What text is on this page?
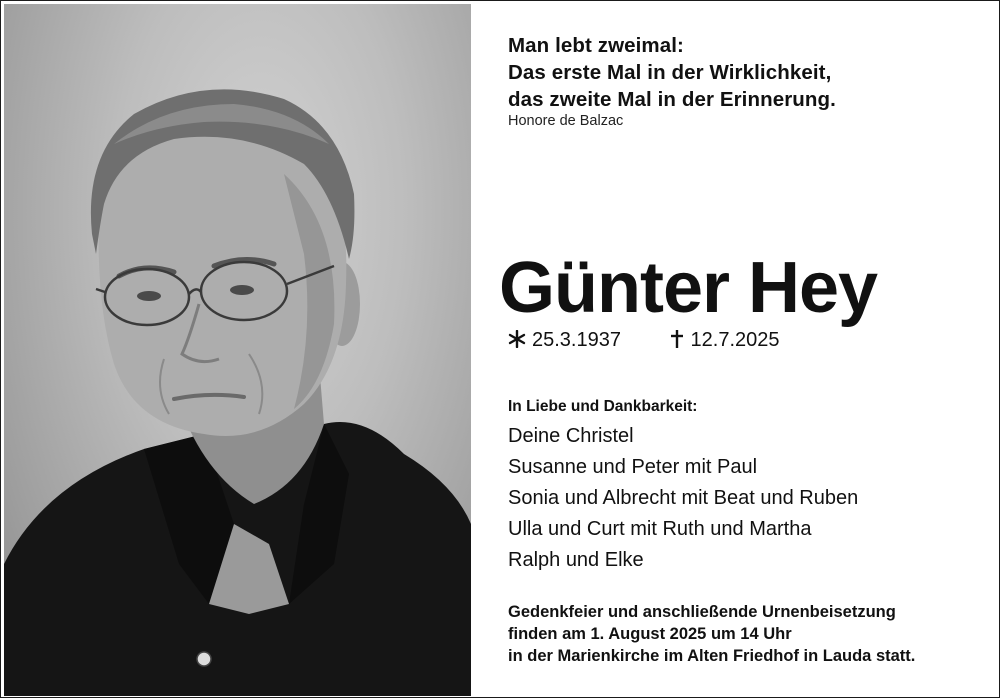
Man lebt zweimal:
Das erste Mal in der Wirklichkeit,
das zweite Mal in der Erinnerung.
Honore de Balzac
Günter Hey
25.3.1937	12.7.2025
In Liebe und Dankbarkeit:
Deine Christel
Susanne und Peter mit Paul
Sonia und Albrecht mit Beat und Ruben
Ulla und Curt mit Ruth und Martha
Ralph und Elke
Gedenkfeier und anschließende Urnenbeisetzung
finden am 1. August 2025 um 14 Uhr
in der Marienkirche im Alten Friedhof in Lauda statt.
